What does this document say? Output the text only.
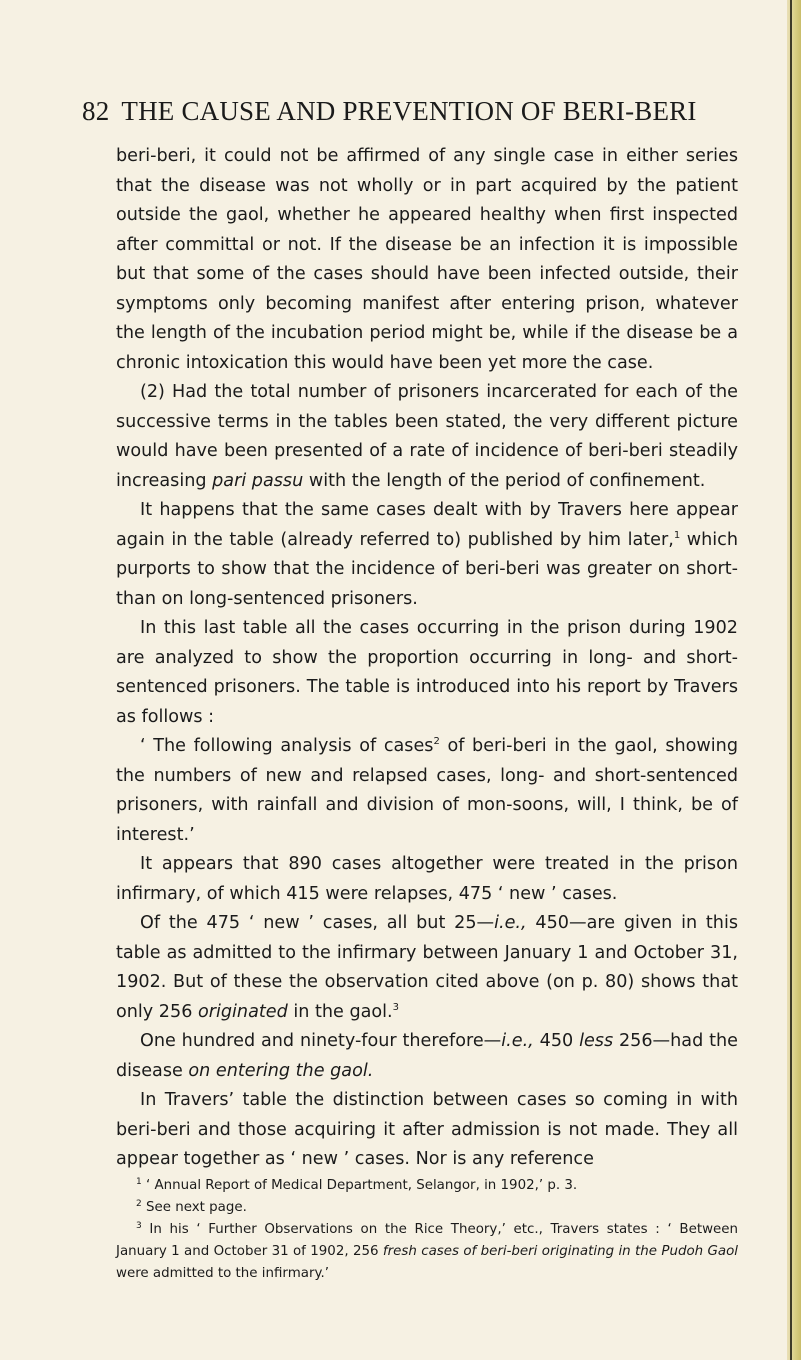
82 THE CAUSE AND PREVENTION OF BERI-BERI

beri-beri, it could not be affirmed of any single case in either series that the disease was not wholly or in part acquired by the patient outside the gaol, whether he appeared healthy when first inspected after committal or not. If the disease be an infection it is impossible but that some of the cases should have been infected outside, their symptoms only becoming manifest after entering prison, whatever the length of the incubation period might be, while if the disease be a chronic intoxication this would have been yet more the case.

(2) Had the total number of prisoners incarcerated for each of the successive terms in the tables been stated, the very different picture would have been presented of a rate of incidence of beri-beri steadily increasing pari passu with the length of the period of confinement.

It happens that the same cases dealt with by Travers here appear again in the table (already referred to) published by him later,$^1$ which purports to show that the incidence of beri-beri was greater on short- than on long-sentenced prisoners.

In this last table all the cases occurring in the prison during 1902 are analyzed to show the proportion occurring in long- and short-sentenced prisoners. The table is introduced into his report by Travers as follows :

‘ The following analysis of cases$^2$ of beri-beri in the gaol, showing the numbers of new and relapsed cases, long- and short-sentenced prisoners, with rainfall and division of mon-soons, will, I think, be of interest.’

It appears that 890 cases altogether were treated in the prison infirmary, of which 415 were relapses, 475 ‘ new ’ cases.

Of the 475 ‘ new ’ cases, all but 25—i.e., 450—are given in this table as admitted to the infirmary between January 1 and October 31, 1902. But of these the observation cited above (on p. 80) shows that only 256 originated in the gaol.$^3$

One hundred and ninety-four therefore—i.e., 450 less 256—had the disease on entering the gaol.

In Travers’ table the distinction between cases so coming in with beri-beri and those acquiring it after admission is not made. They all appear together as ‘ new ’ cases. Nor is any reference

$^1$ ‘ Annual Report of Medical Department, Selangor, in 1902,’ p. 3.

$^2$ See next page.

$^3$ In his ‘ Further Observations on the Rice Theory,’ etc., Travers states : ‘ Between January 1 and October 31 of 1902, 256 fresh cases of beri-beri originating in the Pudoh Gaol were admitted to the infirmary.’
